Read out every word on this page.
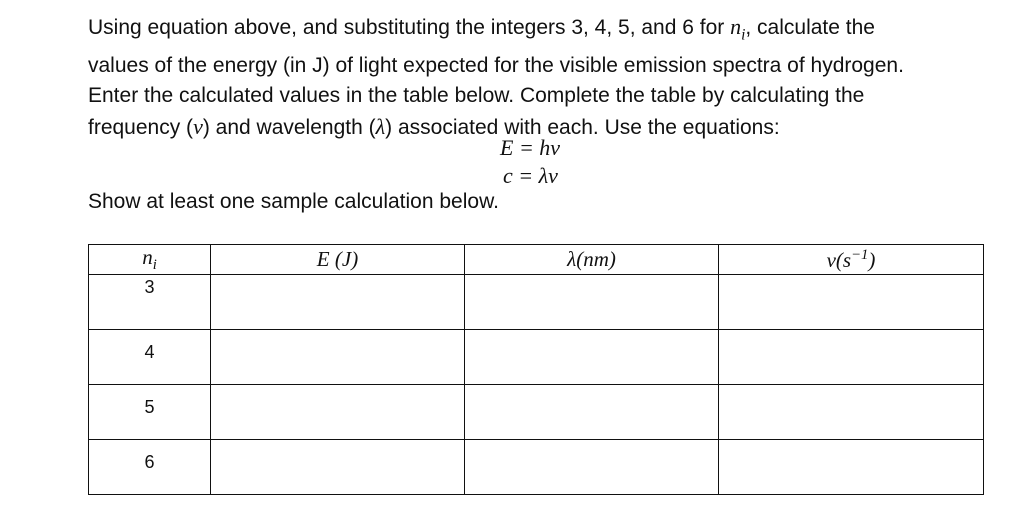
Using equation above, and substituting the integers 3, 4, 5, and 6 for $n_i$, calculate the
values of the energy (in J) of light expected for the visible emission spectra of hydrogen.
Enter the calculated values in the table below. Complete the table by calculating the
frequency (ν) and wavelength (λ) associated with each. Use the equations:
E = hν
c = λν
Show at least one sample calculation below.
$n_i$	E (J)	λ(nm)	$\nu(s^{-1})$
3			
4			
5			
6			
